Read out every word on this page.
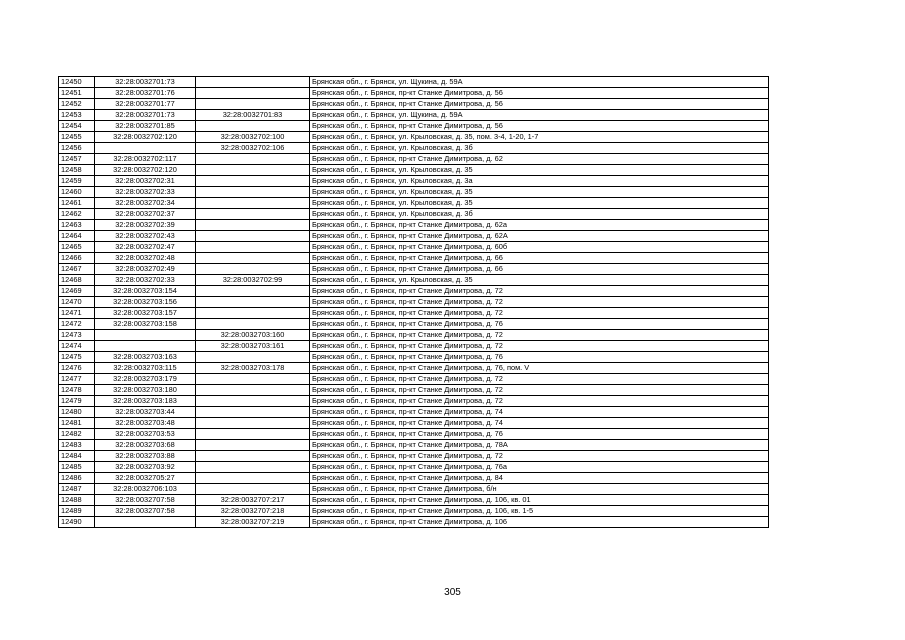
12450	32:28:0032701:73		Брянская обл., г. Брянск, ул. Щукина, д. 59А
12451	32:28:0032701:76		Брянская обл., г. Брянск, пр-кт Станке Димитрова, д. 56
12452	32:28:0032701:77		Брянская обл., г. Брянск, пр-кт Станке Димитрова, д. 56
12453	32:28:0032701:73	32:28:0032701:83	Брянская обл., г. Брянск, ул. Щукина, д. 59А
12454	32:28:0032701:85		Брянская обл., г. Брянск, пр-кт Станке Димитрова, д. 56
12455	32:28:0032702:120	32:28:0032702:100	Брянская обл., г. Брянск, ул. Крыловская, д. 35, пом. 3-4, 1-20, 1-7
12456		32:28:0032702:106	Брянская обл., г. Брянск, ул. Крыловская, д. 3б
12457	32:28:0032702:117		Брянская обл., г. Брянск, пр-кт Станке Димитрова, д. 62
12458	32:28:0032702:120		Брянская обл., г. Брянск, ул. Крыловская, д. 35
12459	32:28:0032702:31		Брянская обл., г. Брянск, ул. Крыловская, д. 3а
12460	32:28:0032702:33		Брянская обл., г. Брянск, ул. Крыловская, д. 35
12461	32:28:0032702:34		Брянская обл., г. Брянск, ул. Крыловская, д. 35
12462	32:28:0032702:37		Брянская обл., г. Брянск, ул. Крыловская, д. 3б
12463	32:28:0032702:39		Брянская обл., г. Брянск, пр-кт Станке Димитрова, д. 62а
12464	32:28:0032702:43		Брянская обл., г. Брянск, пр-кт Станке Димитрова, д. 62А
12465	32:28:0032702:47		Брянская обл., г. Брянск, пр-кт Станке Димитрова, д. 60б
12466	32:28:0032702:48		Брянская обл., г. Брянск, пр-кт Станке Димитрова, д. 66
12467	32:28:0032702:49		Брянская обл., г. Брянск, пр-кт Станке Димитрова, д. 66
12468	32:28:0032702:33	32:28:0032702:99	Брянская обл., г. Брянск, ул. Крыловская, д. 35
12469	32:28:0032703:154		Брянская обл., г. Брянск, пр-кт Станке Димитрова, д. 72
12470	32:28:0032703:156		Брянская обл., г. Брянск, пр-кт Станке Димитрова, д. 72
12471	32:28:0032703:157		Брянская обл., г. Брянск, пр-кт Станке Димитрова, д. 72
12472	32:28:0032703:158		Брянская обл., г. Брянск, пр-кт Станке Димитрова, д. 76
12473		32:28:0032703:160	Брянская обл., г. Брянск, пр-кт Станке Димитрова, д. 72
12474		32:28:0032703:161	Брянская обл., г. Брянск, пр-кт Станке Димитрова, д. 72
12475	32:28:0032703:163		Брянская обл., г. Брянск, пр-кт Станке Димитрова, д. 76
12476	32:28:0032703:115	32:28:0032703:178	Брянская обл., г. Брянск, пр-кт Станке Димитрова, д. 76, пом. V
12477	32:28:0032703:179		Брянская обл., г. Брянск, пр-кт Станке Димитрова, д. 72
12478	32:28:0032703:180		Брянская обл., г. Брянск, пр-кт Станке Димитрова, д. 72
12479	32:28:0032703:183		Брянская обл., г. Брянск, пр-кт Станке Димитрова, д. 72
12480	32:28:0032703:44		Брянская обл., г. Брянск, пр-кт Станке Димитрова, д. 74
12481	32:28:0032703:48		Брянская обл., г. Брянск, пр-кт Станке Димитрова, д. 74
12482	32:28:0032703:53		Брянская обл., г. Брянск, пр-кт Станке Димитрова, д. 76
12483	32:28:0032703:68		Брянская обл., г. Брянск, пр-кт Станке Димитрова, д. 78А
12484	32:28:0032703:88		Брянская обл., г. Брянск, пр-кт Станке Димитрова, д. 72
12485	32:28:0032703:92		Брянская обл., г. Брянск, пр-кт Станке Димитрова, д. 76а
12486	32:28:0032705:27		Брянская обл., г. Брянск, пр-кт Станке Димитрова, д. 84
12487	32:28:0032706:103		Брянская обл., г. Брянск, пр-кт Станке Димитрова, б/н
12488	32:28:0032707:58	32:28:0032707:217	Брянская обл., г. Брянск, пр-кт Станке Димитрова, д. 106, кв. 01
12489	32:28:0032707:58	32:28:0032707:218	Брянская обл., г. Брянск, пр-кт Станке Димитрова, д. 106, кв. 1-5
12490		32:28:0032707:219	Брянская обл., г. Брянск, пр-кт Станке Димитрова, д. 106
305
